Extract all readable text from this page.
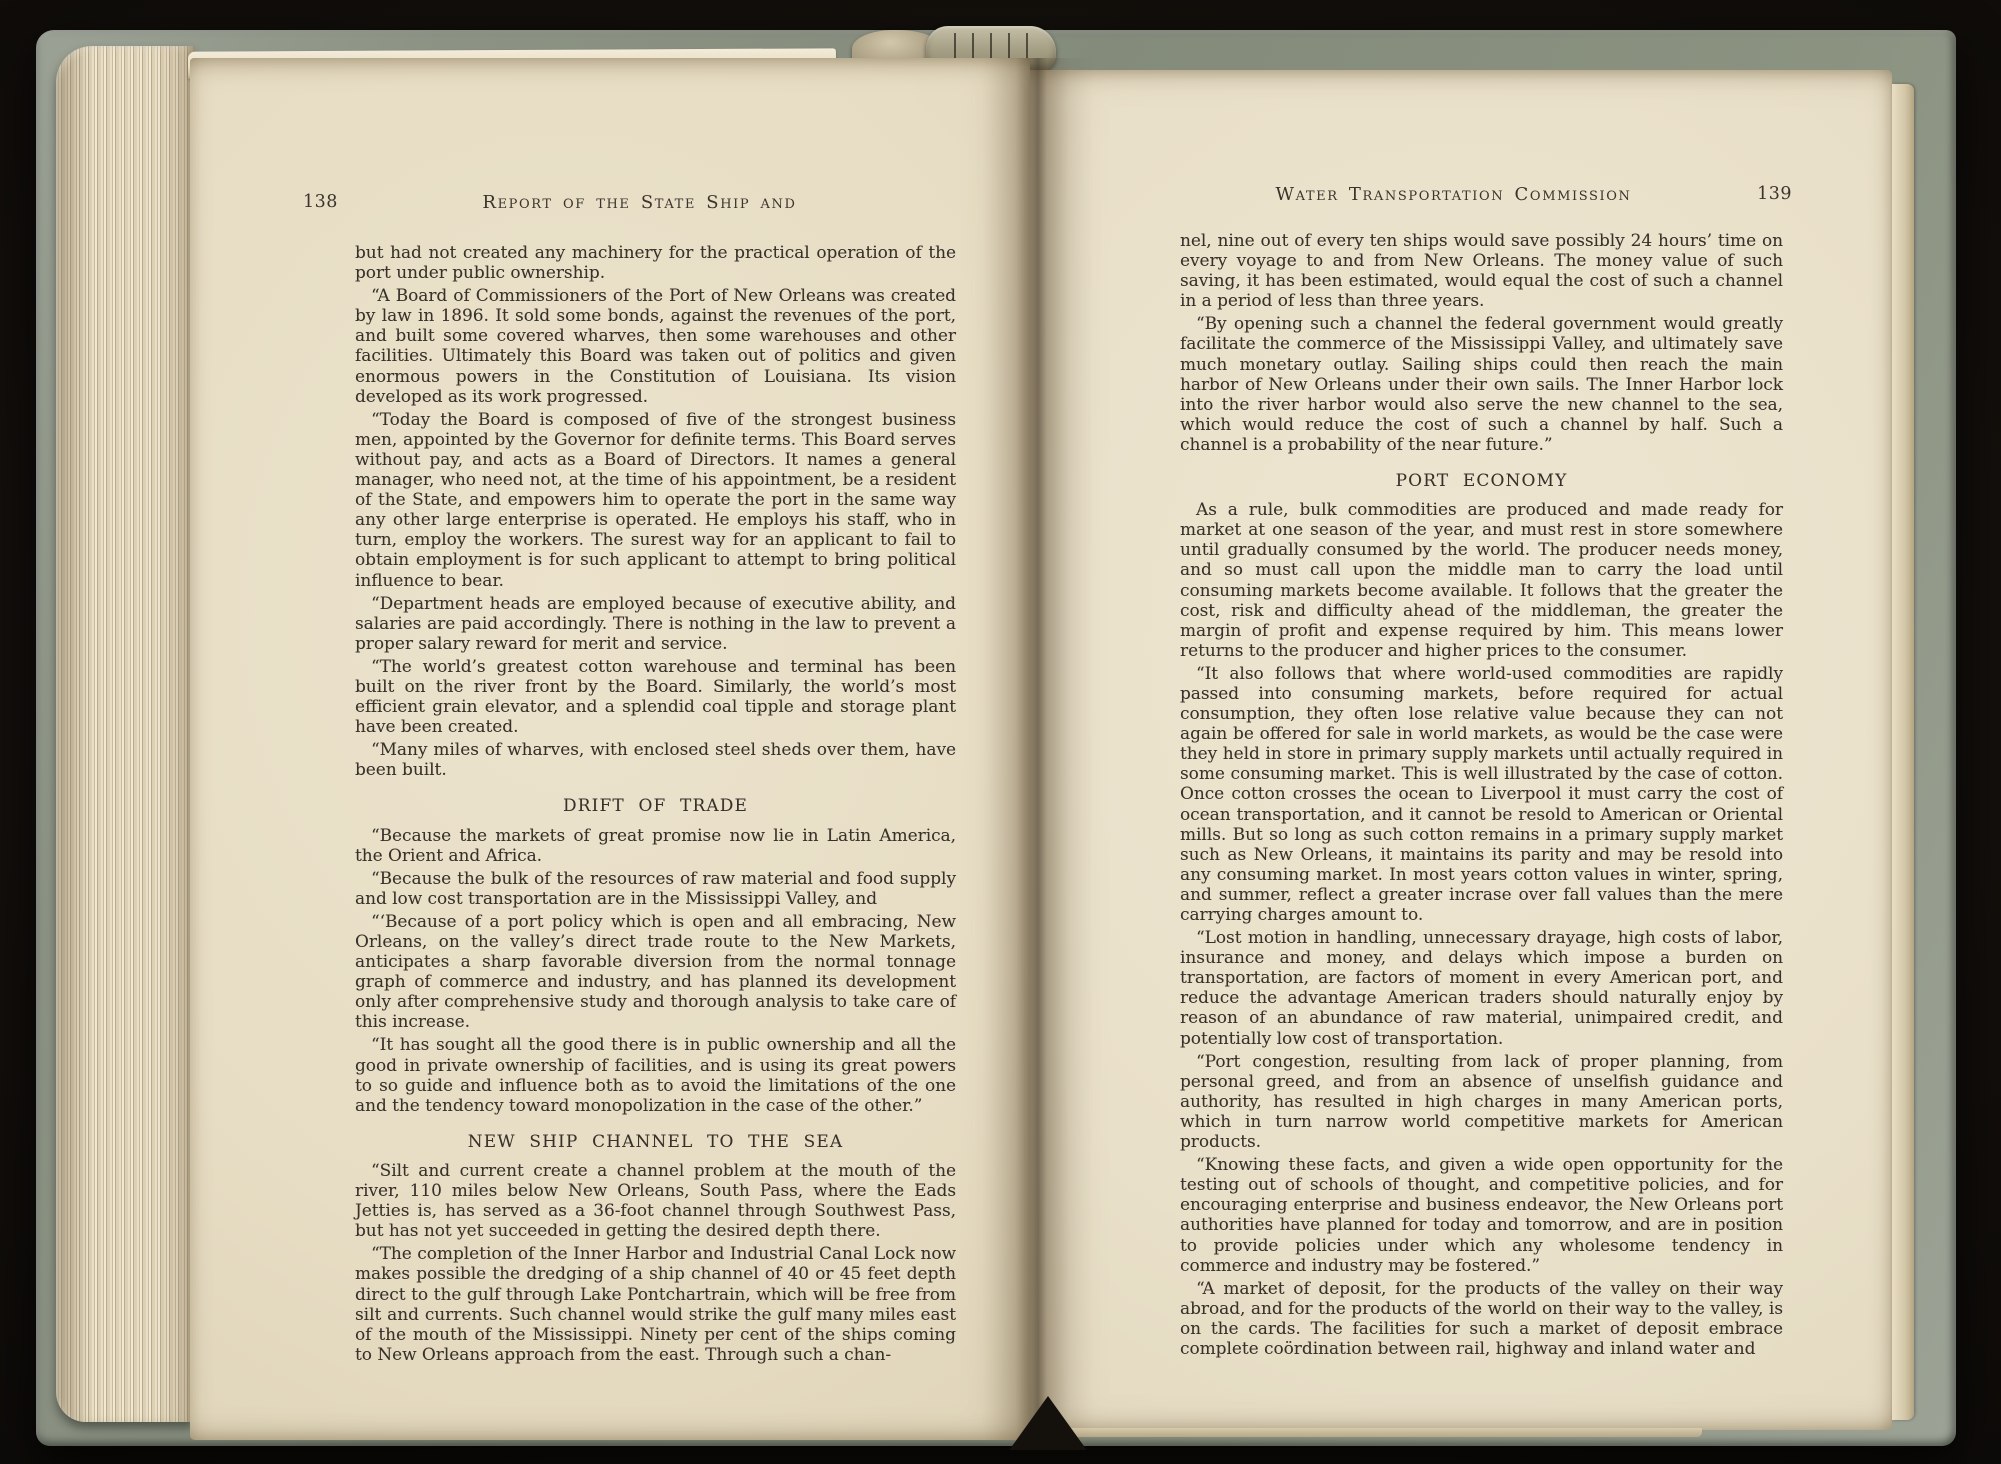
138	Report of the State Ship and

but had not created any machinery for the practical operation of the port under public ownership.

“A Board of Commissioners of the Port of New Orleans was created by law in 1896. It sold some bonds, against the revenues of the port, and built some covered wharves, then some warehouses and other facilities. Ultimately this Board was taken out of politics and given enormous powers in the Constitution of Louisiana. Its vision developed as its work progressed.

“Today the Board is composed of five of the strongest business men, appointed by the Governor for definite terms. This Board serves without pay, and acts as a Board of Directors. It names a general manager, who need not, at the time of his appointment, be a resident of the State, and empowers him to operate the port in the same way any other large enterprise is operated. He employs his staff, who in turn, employ the workers. The surest way for an applicant to fail to obtain employment is for such applicant to attempt to bring political influence to bear.

“Department heads are employed because of executive ability, and salaries are paid accordingly. There is nothing in the law to prevent a proper salary reward for merit and service.

“The world’s greatest cotton warehouse and terminal has been built on the river front by the Board. Similarly, the world’s most efficient grain elevator, and a splendid coal tipple and storage plant have been created.

“Many miles of wharves, with enclosed steel sheds over them, have been built.

DRIFT OF TRADE

“Because the markets of great promise now lie in Latin America, the Orient and Africa.

“Because the bulk of the resources of raw material and food supply and low cost transportation are in the Mississippi Valley, and

“‘Because of a port policy which is open and all embracing, New Orleans, on the valley’s direct trade route to the New Markets, anticipates a sharp favorable diversion from the normal tonnage graph of commerce and industry, and has planned its development only after comprehensive study and thorough analysis to take care of this increase.

“It has sought all the good there is in public ownership and all the good in private ownership of facilities, and is using its great powers to so guide and influence both as to avoid the limitations of the one and the tendency toward monopolization in the case of the other.”

NEW SHIP CHANNEL TO THE SEA

“Silt and current create a channel problem at the mouth of the river, 110 miles below New Orleans, South Pass, where the Eads Jetties is, has served as a 36-foot channel through Southwest Pass, but has not yet succeeded in getting the desired depth there.

“The completion of the Inner Harbor and Industrial Canal Lock now makes possible the dredging of a ship channel of 40 or 45 feet depth direct to the gulf through Lake Pontchartrain, which will be free from silt and currents. Such channel would strike the gulf many miles east of the mouth of the Mississippi. Ninety per cent of the ships coming to New Orleans approach from the east. Through such a chan-

Water Transportation Commission	139

nel, nine out of every ten ships would save possibly 24 hours’ time on every voyage to and from New Orleans. The money value of such saving, it has been estimated, would equal the cost of such a channel in a period of less than three years.

“By opening such a channel the federal government would greatly facilitate the commerce of the Mississippi Valley, and ultimately save much monetary outlay. Sailing ships could then reach the main harbor of New Orleans under their own sails. The Inner Harbor lock into the river harbor would also serve the new channel to the sea, which would reduce the cost of such a channel by half. Such a channel is a probability of the near future.”

PORT ECONOMY

As a rule, bulk commodities are produced and made ready for market at one season of the year, and must rest in store somewhere until gradually consumed by the world. The producer needs money, and so must call upon the middle man to carry the load until consuming markets become available. It follows that the greater the cost, risk and difficulty ahead of the middleman, the greater the margin of profit and expense required by him. This means lower returns to the producer and higher prices to the consumer.

“It also follows that where world-used commodities are rapidly passed into consuming markets, before required for actual consumption, they often lose relative value because they can not again be offered for sale in world markets, as would be the case were they held in store in primary supply markets until actually required in some consuming market. This is well illustrated by the case of cotton. Once cotton crosses the ocean to Liverpool it must carry the cost of ocean transportation, and it cannot be resold to American or Oriental mills. But so long as such cotton remains in a primary supply market such as New Orleans, it maintains its parity and may be resold into any consuming market. In most years cotton values in winter, spring, and summer, reflect a greater incrase over fall values than the mere carrying charges amount to.

“Lost motion in handling, unnecessary drayage, high costs of labor, insurance and money, and delays which impose a burden on transportation, are factors of moment in every American port, and reduce the advantage American traders should naturally enjoy by reason of an abundance of raw material, unimpaired credit, and potentially low cost of transportation.

“Port congestion, resulting from lack of proper planning, from personal greed, and from an absence of unselfish guidance and authority, has resulted in high charges in many American ports, which in turn narrow world competitive markets for American products.

“Knowing these facts, and given a wide open opportunity for the testing out of schools of thought, and competitive policies, and for encouraging enterprise and business endeavor, the New Orleans port authorities have planned for today and tomorrow, and are in position to provide policies under which any wholesome tendency in commerce and industry may be fostered.”

“A market of deposit, for the products of the valley on their way abroad, and for the products of the world on their way to the valley, is on the cards. The facilities for such a market of deposit embrace complete coördination between rail, highway and inland water and
